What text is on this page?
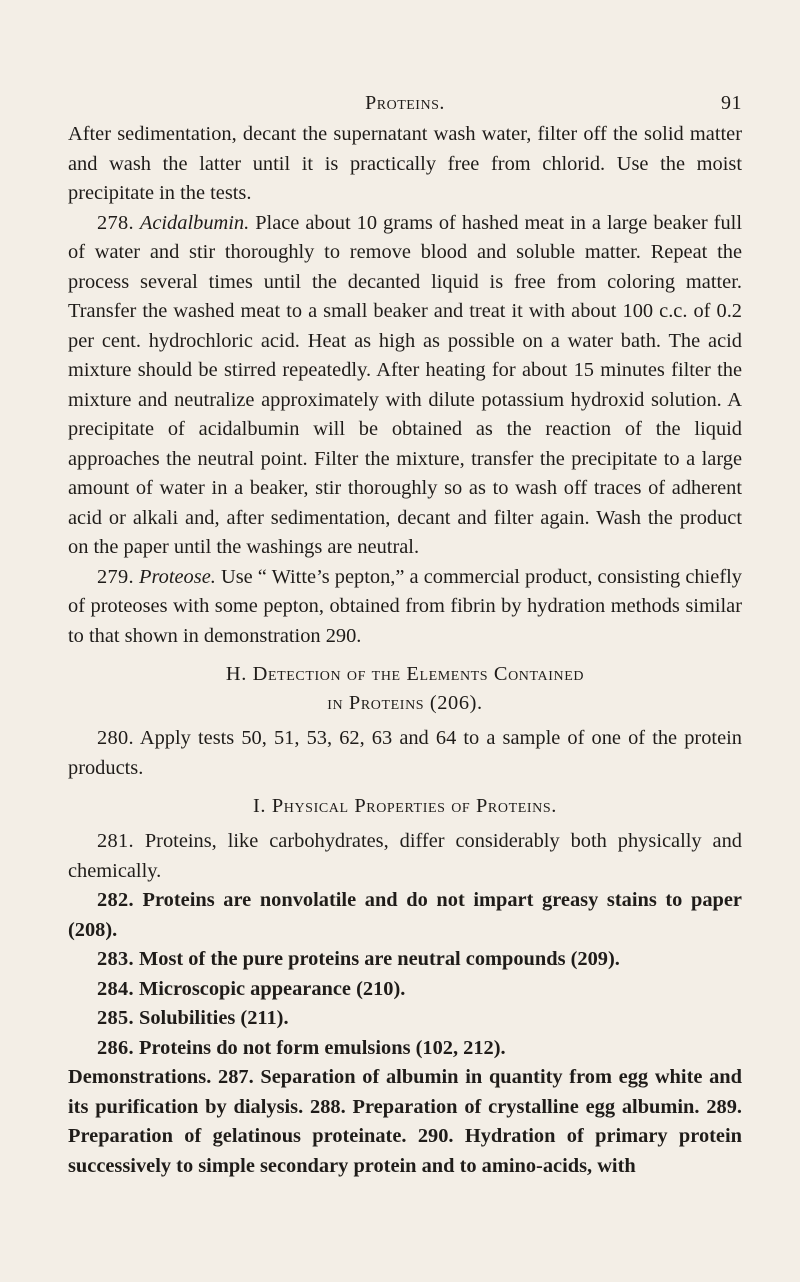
Proteins.	91

After sedimentation, decant the supernatant wash water, filter off the solid matter and wash the latter until it is practically free from chlorid. Use the moist precipitate in the tests.

278. Acidalbumin. Place about 10 grams of hashed meat in a large beaker full of water and stir thoroughly to remove blood and soluble matter. Repeat the process several times until the decanted liquid is free from coloring matter. Transfer the washed meat to a small beaker and treat it with about 100 c.c. of 0.2 per cent. hydrochloric acid. Heat as high as possible on a water bath. The acid mixture should be stirred repeatedly. After heating for about 15 minutes filter the mixture and neutralize approximately with dilute potassium hydroxid solution. A precipitate of acidalbumin will be obtained as the reaction of the liquid approaches the neutral point. Filter the mixture, transfer the precipitate to a large amount of water in a beaker, stir thoroughly so as to wash off traces of adherent acid or alkali and, after sedimentation, decant and filter again. Wash the product on the paper until the washings are neutral.

279. Proteose. Use “ Witte’s pepton,” a commercial product, consisting chiefly of proteoses with some pepton, obtained from fibrin by hydration methods similar to that shown in demonstration 290.

H. Detection of the Elements Contained
in Proteins (206).

280. Apply tests 50, 51, 53, 62, 63 and 64 to a sample of one of the protein products.

I. Physical Properties of Proteins.

281. Proteins, like carbohydrates, differ considerably both physically and chemically.

282. Proteins are nonvolatile and do not impart greasy stains to paper (208).

283. Most of the pure proteins are neutral compounds (209).

284. Microscopic appearance (210).

285. Solubilities (211).

286. Proteins do not form emulsions (102, 212).

Demonstrations. 287. Separation of albumin in quantity from egg white and its purification by dialysis. 288. Preparation of crystalline egg albumin. 289. Preparation of gelatinous proteinate. 290. Hydration of primary protein successively to simple secondary protein and to amino-acids, with
